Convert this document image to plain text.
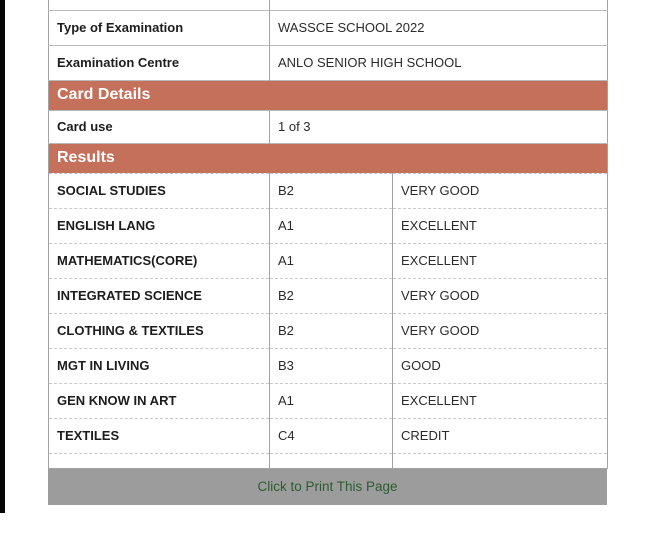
Type of Examination	WASSCE SCHOOL 2022	
Examination Centre	ANLO SENIOR HIGH SCHOOL	
Card Details		
Card use	1 of 3	
Results		
SOCIAL STUDIES	B2	VERY GOOD
ENGLISH LANG	A1	EXCELLENT
MATHEMATICS(CORE)	A1	EXCELLENT
INTEGRATED SCIENCE	B2	VERY GOOD
CLOTHING & TEXTILES	B2	VERY GOOD
MGT IN LIVING	B3	GOOD
GEN KNOW IN ART	A1	EXCELLENT
TEXTILES	C4	CREDIT

Click to Print This Page
